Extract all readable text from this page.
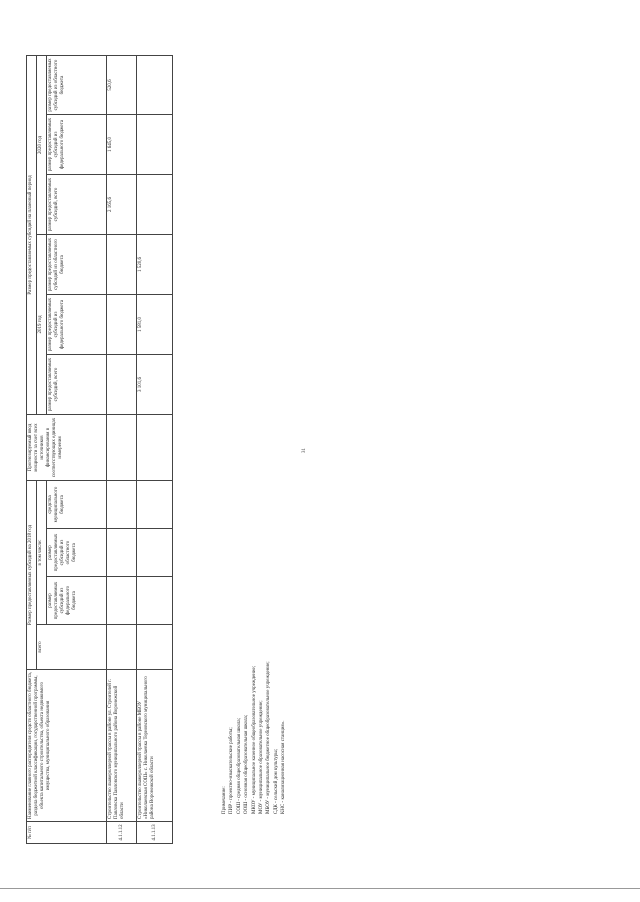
31
№ п/п	Наименование главного распорядителя средств областного бюджета, раздела бюджетной классификации, государственной программы, объекта капитального строительства, объекта недвижимого имущества, муниципального образования	Размер предоставляемых субсидий на 2018 год				Прогнозируемый ввод мощности за счет всех источников финансирования в соответствующих единицах измерения	Размер предоставляемых субсидий на плановый период					
		всего	в том числе:				2019 год			2020 год		
			размер предоставляемых субсидий из федерального бюджета	размер предоставляемых субсидий из областного бюджета	средства муниципального бюджета		размер предоставляемых субсидий, всего	размер предоставляемых субсидий из федерального бюджета	размер предоставляемых субсидий из областного бюджета	размер предоставляемых субсидий, всего	размер предоставляемых субсидий из федерального бюджета	размер предоставляемых субсидий из областного бюджета
4.1.1.12	Строительство лыжероллерной трассы в районе ул. Строителей г. Павловска Павловского муниципального района Воронежской области									2 165,6	1 645,0	520,6
4.1.1.13	Строительство лыжероллерной трассы в районе МБОУ «Николаевская СОШ» с. Николаевка Терновского муниципального района Воронежской области						3 101,6	1 581,0	1 520,6			
Примечание: ПИР - проектно-изыскательские работы; СОШ - средняя общеобразовательная школа; ООШ - основная общеобразовательная школа; МКОУ - муниципальное казенное общеобразовательное учреждение; МОУ - муниципальное образовательное учреждение; МБОУ - муниципальное бюджетное общеобразовательное учреждение; СДК - сельский дом культуры; КНС - канализационная насосная станция».
